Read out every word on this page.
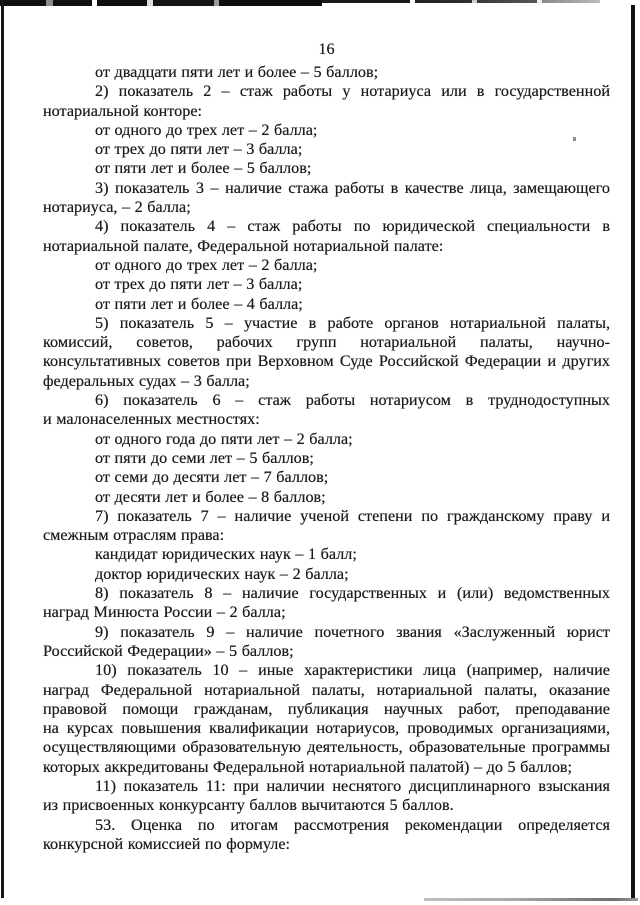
16

от двадцати пяти лет и более – 5 баллов;

2) показатель 2 – стаж работы у нотариуса или в государственной нотариальной конторе:

от одного до трех лет – 2 балла;

от трех до пяти лет – 3 балла;

от пяти лет и более – 5 баллов;

3) показатель 3 – наличие стажа работы в качестве лица, замещающего нотариуса, – 2 балла;

4) показатель 4 – стаж работы по юридической специальности в нотариальной палате, Федеральной нотариальной палате:

от одного до трех лет – 2 балла;

от трех до пяти лет – 3 балла;

от пяти лет и более – 4 балла;

5) показатель 5 – участие в работе органов нотариальной палаты, комиссий, советов, рабочих групп нотариальной палаты, научно-консультативных советов при Верховном Суде Российской Федерации и других федеральных судах – 3 балла;

6) показатель 6 – стаж работы нотариусом в труднодоступных и малонаселенных местностях:

от одного года до пяти лет – 2 балла;

от пяти до семи лет – 5 баллов;

от семи до десяти лет – 7 баллов;

от десяти лет и более – 8 баллов;

7) показатель 7 – наличие ученой степени по гражданскому праву и смежным отраслям права:

кандидат юридических наук – 1 балл;

доктор юридических наук – 2 балла;

8) показатель 8 – наличие государственных и (или) ведомственных наград Минюста России – 2 балла;

9) показатель 9 – наличие почетного звания «Заслуженный юрист Российской Федерации» – 5 баллов;

10) показатель 10 – иные характеристики лица (например, наличие наград Федеральной нотариальной палаты, нотариальной палаты, оказание правовой помощи гражданам, публикация научных работ, преподавание на курсах повышения квалификации нотариусов, проводимых организациями, осуществляющими образовательную деятельность, образовательные программы которых аккредитованы Федеральной нотариальной палатой) – до 5 баллов;

11) показатель 11: при наличии неснятого дисциплинарного взыскания из присвоенных конкурсанту баллов вычитаются 5 баллов.

53. Оценка по итогам рассмотрения рекомендации определяется конкурсной комиссией по формуле:
